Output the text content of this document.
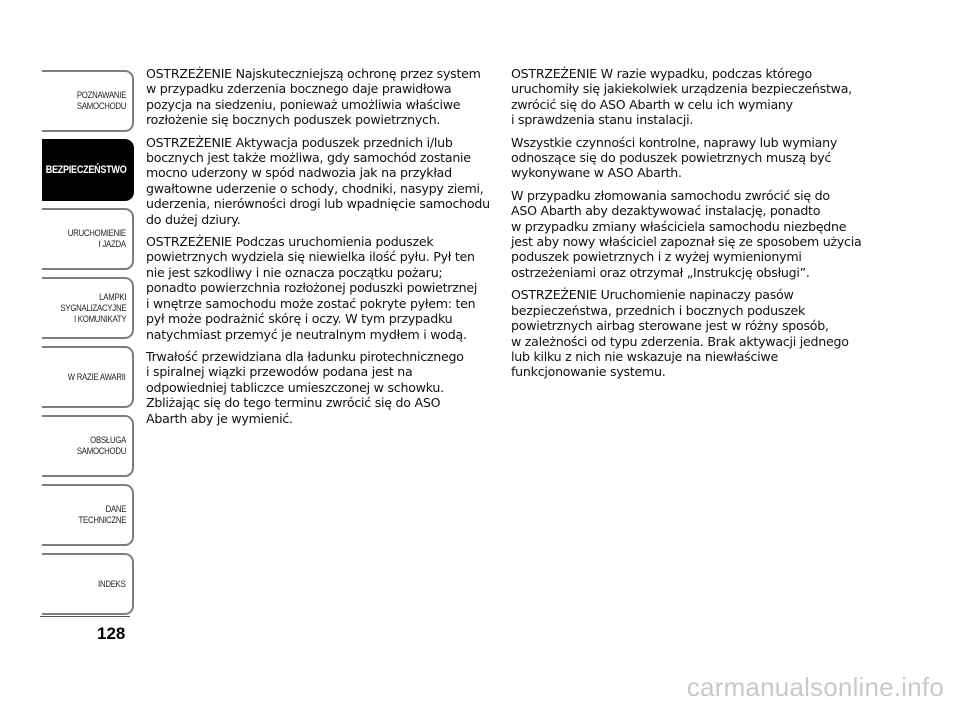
POZNAWANIE
SAMOCHODU
BEZPIECZEŃSTWO
URUCHOMIENIE
I JAZDA
LAMPKI
SYGNALIZACYJNE
I KOMUNIKATY
W RAZIE AWARII
OBSŁUGA
SAMOCHODU
DANE
TECHNICZNE
INDEKS
128

OSTRZEŻENIE Najskuteczniejszą ochronę przez system
w przypadku zderzenia bocznego daje prawidłowa
pozycja na siedzeniu, ponieważ umożliwia właściwe
rozłożenie się bocznych poduszek powietrznych.

OSTRZEŻENIE Aktywacja poduszek przednich i/lub
bocznych jest także możliwa, gdy samochód zostanie
mocno uderzony w spód nadwozia jak na przykład
gwałtowne uderzenie o schody, chodniki, nasypy ziemi,
uderzenia, nierówności drogi lub wpadnięcie samochodu
do dużej dziury.

OSTRZEŻENIE Podczas uruchomienia poduszek
powietrznych wydziela się niewielka ilość pyłu. Pył ten
nie jest szkodliwy i nie oznacza początku pożaru;
ponadto powierzchnia rozłożonej poduszki powietrznej
i wnętrze samochodu może zostać pokryte pyłem: ten
pył może podrażnić skórę i oczy. W tym przypadku
natychmiast przemyć je neutralnym mydłem i wodą.

Trwałość przewidziana dla ładunku pirotechnicznego
i spiralnej wiązki przewodów podana jest na
odpowiedniej tabliczce umieszczonej w schowku.
Zbliżając się do tego terminu zwrócić się do ASO
Abarth aby je wymienić.

OSTRZEŻENIE W razie wypadku, podczas którego
uruchomiły się jakiekolwiek urządzenia bezpieczeństwa,
zwrócić się do ASO Abarth w celu ich wymiany
i sprawdzenia stanu instalacji.

Wszystkie czynności kontrolne, naprawy lub wymiany
odnoszące się do poduszek powietrznych muszą być
wykonywane w ASO Abarth.

W przypadku złomowania samochodu zwrócić się do
ASO Abarth aby dezaktywować instalację, ponadto
w przypadku zmiany właściciela samochodu niezbędne
jest aby nowy właściciel zapoznał się ze sposobem użycia
poduszek powietrznych i z wyżej wymienionymi
ostrzeżeniami oraz otrzymał „Instrukcję obsługi”.

OSTRZEŻENIE Uruchomienie napinaczy pasów
bezpieczeństwa, przednich i bocznych poduszek
powietrznych airbag sterowane jest w różny sposób,
w zależności od typu zderzenia. Brak aktywacji jednego
lub kilku z nich nie wskazuje na niewłaściwe
funkcjonowanie systemu.

carmanualsonline.info
